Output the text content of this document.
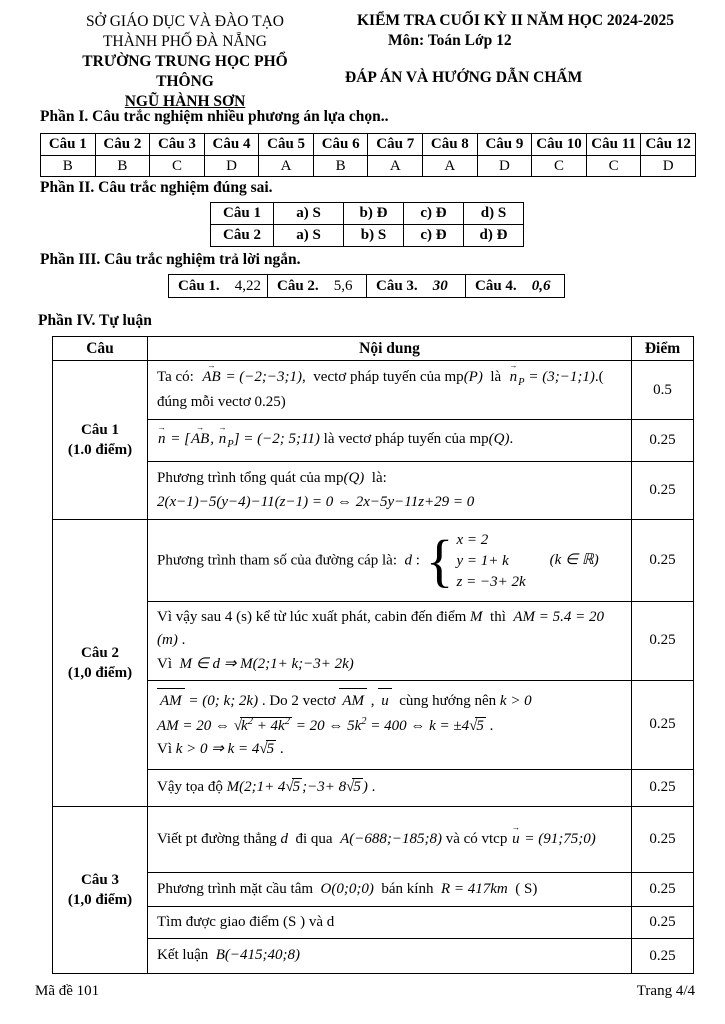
SỞ GIÁO DỤC VÀ ĐÀO TẠO
THÀNH PHỐ ĐÀ NẴNG
TRƯỜNG TRUNG HỌC PHỔ THÔNG
NGŨ HÀNH SƠN
KIỂM TRA CUỐI KỲ II NĂM HỌC 2024-2025
Môn: Toán Lớp 12
ĐÁP ÁN VÀ HƯỚNG DẪN CHẤM
Phần I. Câu trắc nghiệm nhiều phương án lựa chọn..
Câu 1	Câu 2	Câu 3	Câu 4	Câu 5	Câu 6	Câu 7	Câu 8	Câu 9	Câu 10	Câu 11	Câu 12
B	B	C	D	A	B	A	A	D	C	C	D
Phần II. Câu trắc nghiệm đúng sai.
Câu 1	a) S	b) Đ	c) Đ	d) S
Câu 2	a) S	b) S	c) Đ	d) Đ
Phần III. Câu trắc nghiệm trả lời ngắn.
Câu 1. 4,22	Câu 2. 5,6	Câu 3. 30	Câu 4. 0,6
Phần IV. Tự luận
Câu	Nội dung	Điểm

Câu 1
(1.0 điểm)	Ta có:  AB → = (−2;−3;1),  vectơ pháp tuyến của mp(P)  là  $n \to_P$ = (3;−1;1).( đúng mỗi vectơ 0.25)	0.5
	n → = [AB →, $n \to_P] = (-2$; 5;11) là vectơ pháp tuyến của mp(Q).	0.25

	Phương trình tổng quát của mp(Q)  là:
2(x−1)−5(y−4)−11(z−1) = 0 ⇔ 2x−5y−11z+29 = 0	0.25

Câu 2
(1,0 điểm)
	Phương trình tham số của đường cáp là:  d : { x = 2
y = 1+ k
z = −3+ 2k
(k ∈ ℝ)	0.25

	Vì vậy sau 4 (s) kể từ lúc xuất phát, cabin đến điểm M  thì  AM = 5.4 = 20  (m) .
Vì  M ∈ d ⇒ M(2;1+ k;−3+ 2k)	0.25

	AM = (0; k; 2k) . Do 2 vectơ AM , u  cùng hướng nên k > 0
AM = 20 ⇔ $√k^2 + 4k^2 = 20$ ⇔ $5k^2 = 400$ ⇔ k = ±4√5 .
Vì k > 0 ⇒ k = 4√5 .	0.25
	Vậy tọa độ M(2;1+ 4√5 ;−3+ 8√5 ) .	0.25

Câu 3
(1,0 điểm)	Viết pt đường thẳng d  đi qua  A(−688;−185;8) và có vtcp u → = (91;75;0)	0.25
	Phương trình mặt cầu tâm  O(0;0;0)  bán kính  R = 417km  ( S)	0.25
	Tìm được giao điểm (S ) và d	0.25
	Kết luận  B(−415;40;8)	0.25
Mã đề 101	Trang 4/4
